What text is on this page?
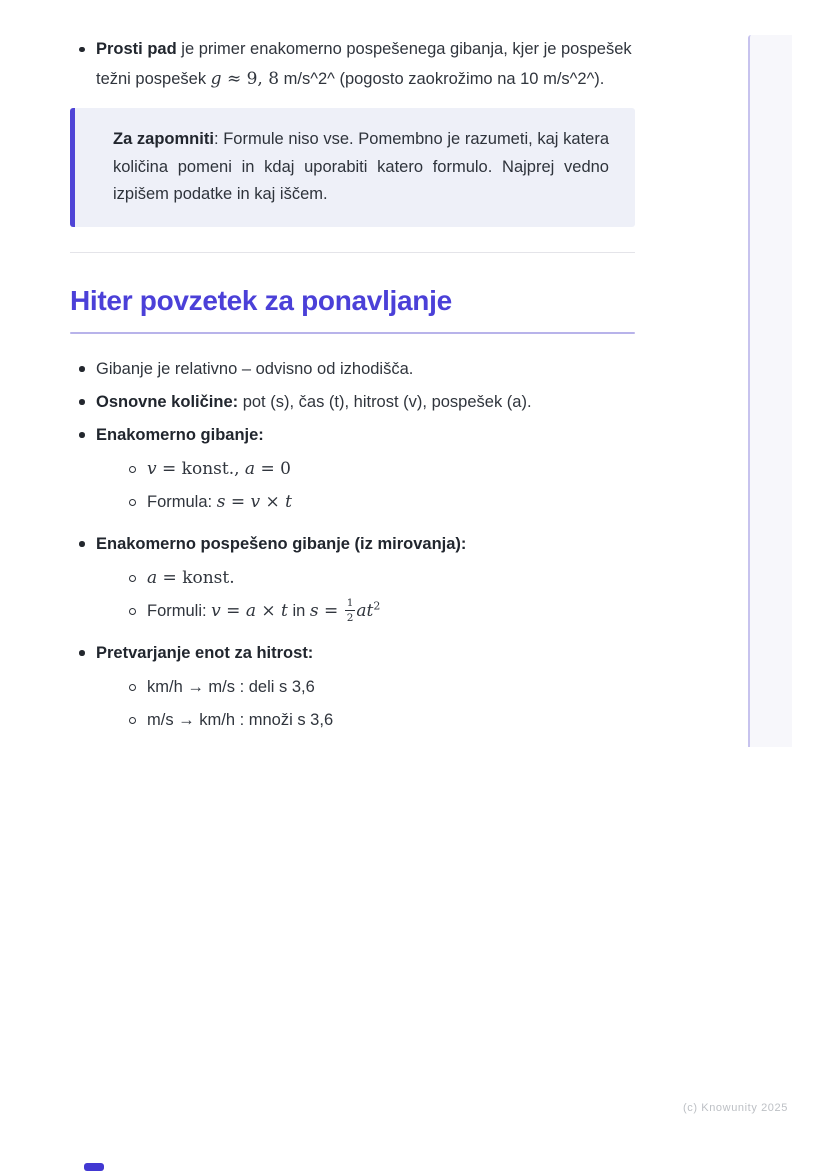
Prosti pad je primer enakomerno pospešenega gibanja, kjer je pospešek težni pospešek g ≈ 9, 8 m/s^2^ (pogosto zaokrožimo na 10 m/s^2^).

Za zapomniti: Formule niso vse. Pomembno je razumeti, kaj katera količina pomeni in kdaj uporabiti katero formulo. Najprej vedno izpišem podatke in kaj iščem.

Hiter povzetek za ponavljanje
Gibanje je relativno – odvisno od izhodišča.
Osnovne količine: pot (s), čas (t), hitrost (v), pospešek (a).
Enakomerno gibanje:
v = konst., a = 0
Formula: s = v × t
Enakomerno pospešeno gibanje (iz mirovanja):
a = konst.
Formuli: v = a × t in $s = \frac{1}{2} at^2$
Pretvarjanje enot za hitrost:
km/h → m/s : deli s 3,6
m/s → km/h : množi s 3,6
(c) Knowunity 2025
